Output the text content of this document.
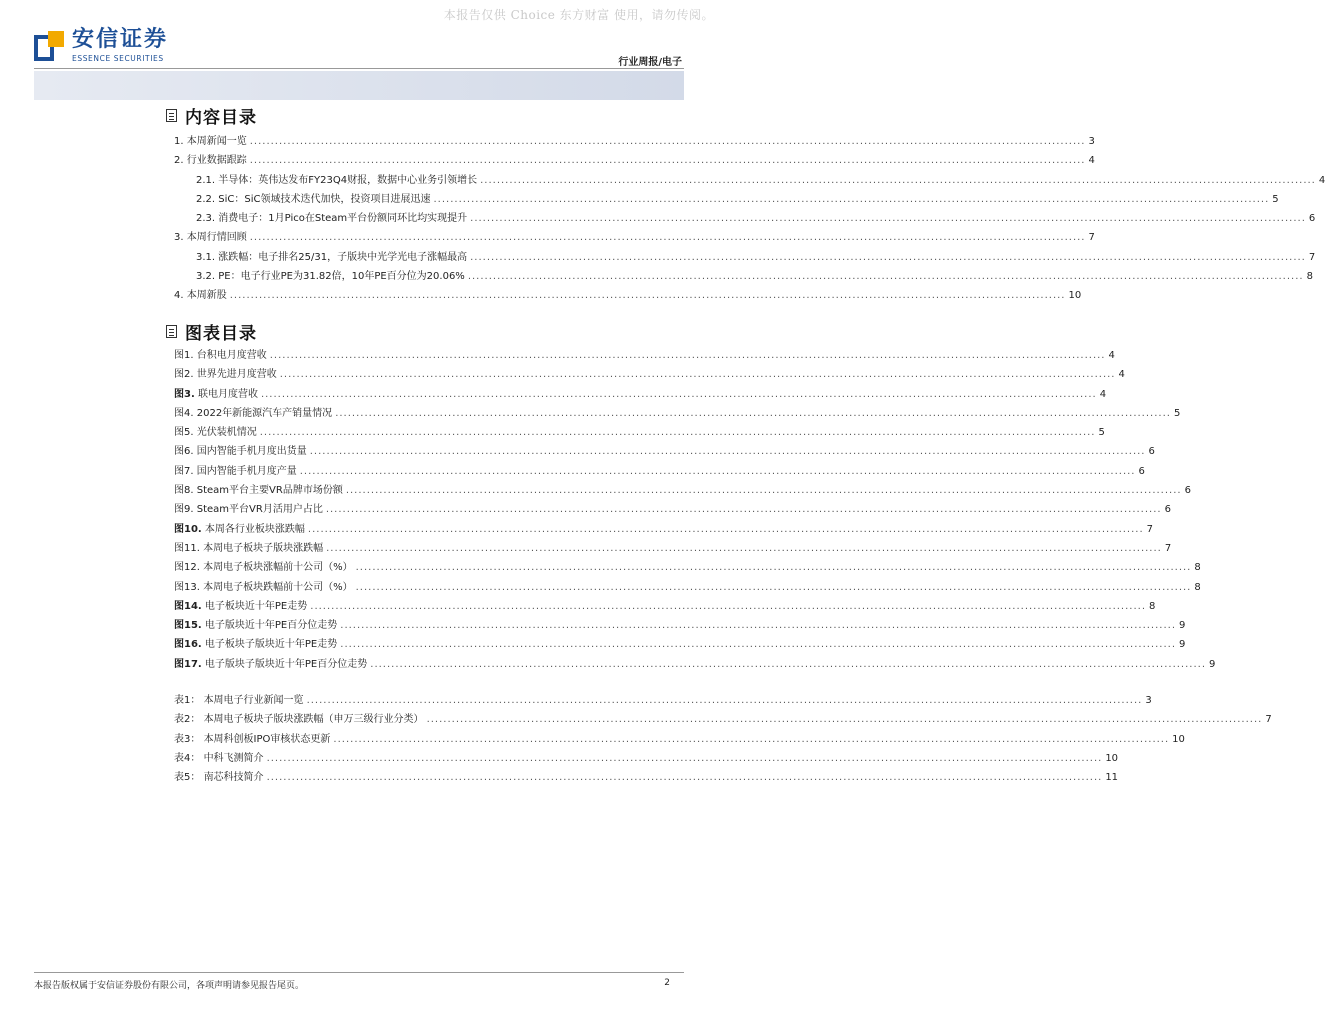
本报告仅供 Choice 东方财富 使用，请勿传阅。
安信证券
ESSENCE SECURITIES	行业周报/电子
内容目录
1. 本周新闻一览 ........................................................................................................................................................................................................ 3
2. 行业数据跟踪 ........................................................................................................................................................................................................ 4
2.1. 半导体：英伟达发布FY23Q4财报，数据中心业务引领增长 ........................................................................................................................................................................................................ 4
2.2. SiC：SiC领域技术迭代加快，投资项目进展迅速 ........................................................................................................................................................................................................ 5
2.3. 消费电子：1月Pico在Steam平台份额同环比均实现提升 ........................................................................................................................................................................................................ 6
3. 本周行情回顾 ........................................................................................................................................................................................................ 7
3.1. 涨跌幅：电子排名25/31，子版块中光学光电子涨幅最高 ........................................................................................................................................................................................................ 7
3.2. PE：电子行业PE为31.82倍，10年PE百分位为20.06% ........................................................................................................................................................................................................ 8
4. 本周新股 ........................................................................................................................................................................................................ 10
图表目录
图1. 台积电月度营收 ........................................................................................................................................................................................................ 4
图2. 世界先进月度营收 ........................................................................................................................................................................................................ 4
图3. 联电月度营收 ........................................................................................................................................................................................................ 4
图4. 2022年新能源汽车产销量情况 ........................................................................................................................................................................................................ 5
图5. 光伏装机情况 ........................................................................................................................................................................................................ 5
图6. 国内智能手机月度出货量 ........................................................................................................................................................................................................ 6
图7. 国内智能手机月度产量 ........................................................................................................................................................................................................ 6
图8. Steam平台主要VR品牌市场份额 ........................................................................................................................................................................................................ 6
图9. Steam平台VR月活用户占比 ........................................................................................................................................................................................................ 6
图10. 本周各行业板块涨跌幅 ........................................................................................................................................................................................................ 7
图11. 本周电子板块子版块涨跌幅 ........................................................................................................................................................................................................ 7
图12. 本周电子板块涨幅前十公司（%） ........................................................................................................................................................................................................ 8
图13. 本周电子板块跌幅前十公司（%） ........................................................................................................................................................................................................ 8
图14. 电子板块近十年PE走势 ........................................................................................................................................................................................................ 8
图15. 电子版块近十年PE百分位走势 ........................................................................................................................................................................................................ 9
图16. 电子板块子版块近十年PE走势 ........................................................................................................................................................................................................ 9
图17. 电子版块子版块近十年PE百分位走势 ........................................................................................................................................................................................................ 9
表1： 本周电子行业新闻一览 ........................................................................................................................................................................................................ 3
表2： 本周电子板块子版块涨跌幅（申万三级行业分类） ........................................................................................................................................................................................................ 7
表3： 本周科创板IPO审核状态更新 ........................................................................................................................................................................................................ 10
表4： 中科飞测简介 ........................................................................................................................................................................................................ 10
表5： 南芯科技简介 ........................................................................................................................................................................................................ 11
本报告版权属于安信证券股份有限公司，各项声明请参见报告尾页。	2
